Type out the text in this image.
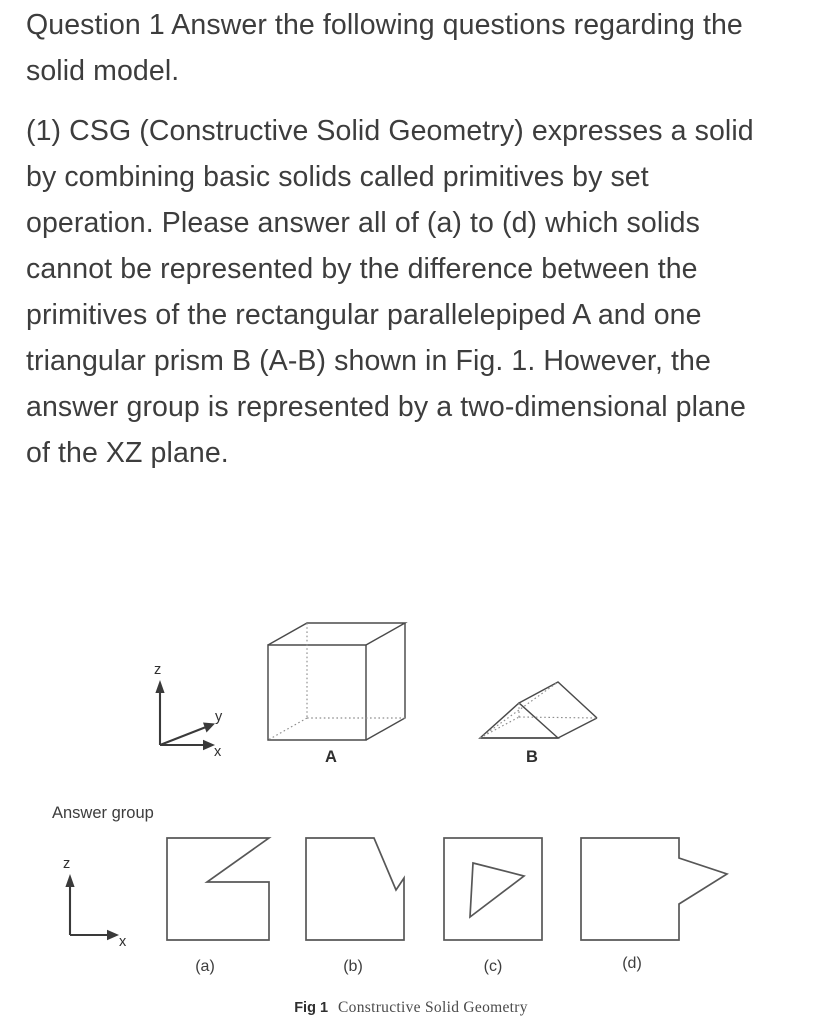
Question 1 Answer the following questions regarding the solid model.

(1) CSG (Constructive Solid Geometry) expresses a solid by combining basic solids called primitives by set operation. Please answer all of (a) to (d) which solids cannot be represented by the difference between the primitives of the rectangular parallelepiped A and one triangular prism B (A-B) shown in Fig. 1. However, the answer group is represented by a two-dimensional plane of the XZ plane.

Answer group
z
y
x	A	B
z
x
(a)	(b)	(c)	(d)
Fig 1 Constructive Solid Geometry
